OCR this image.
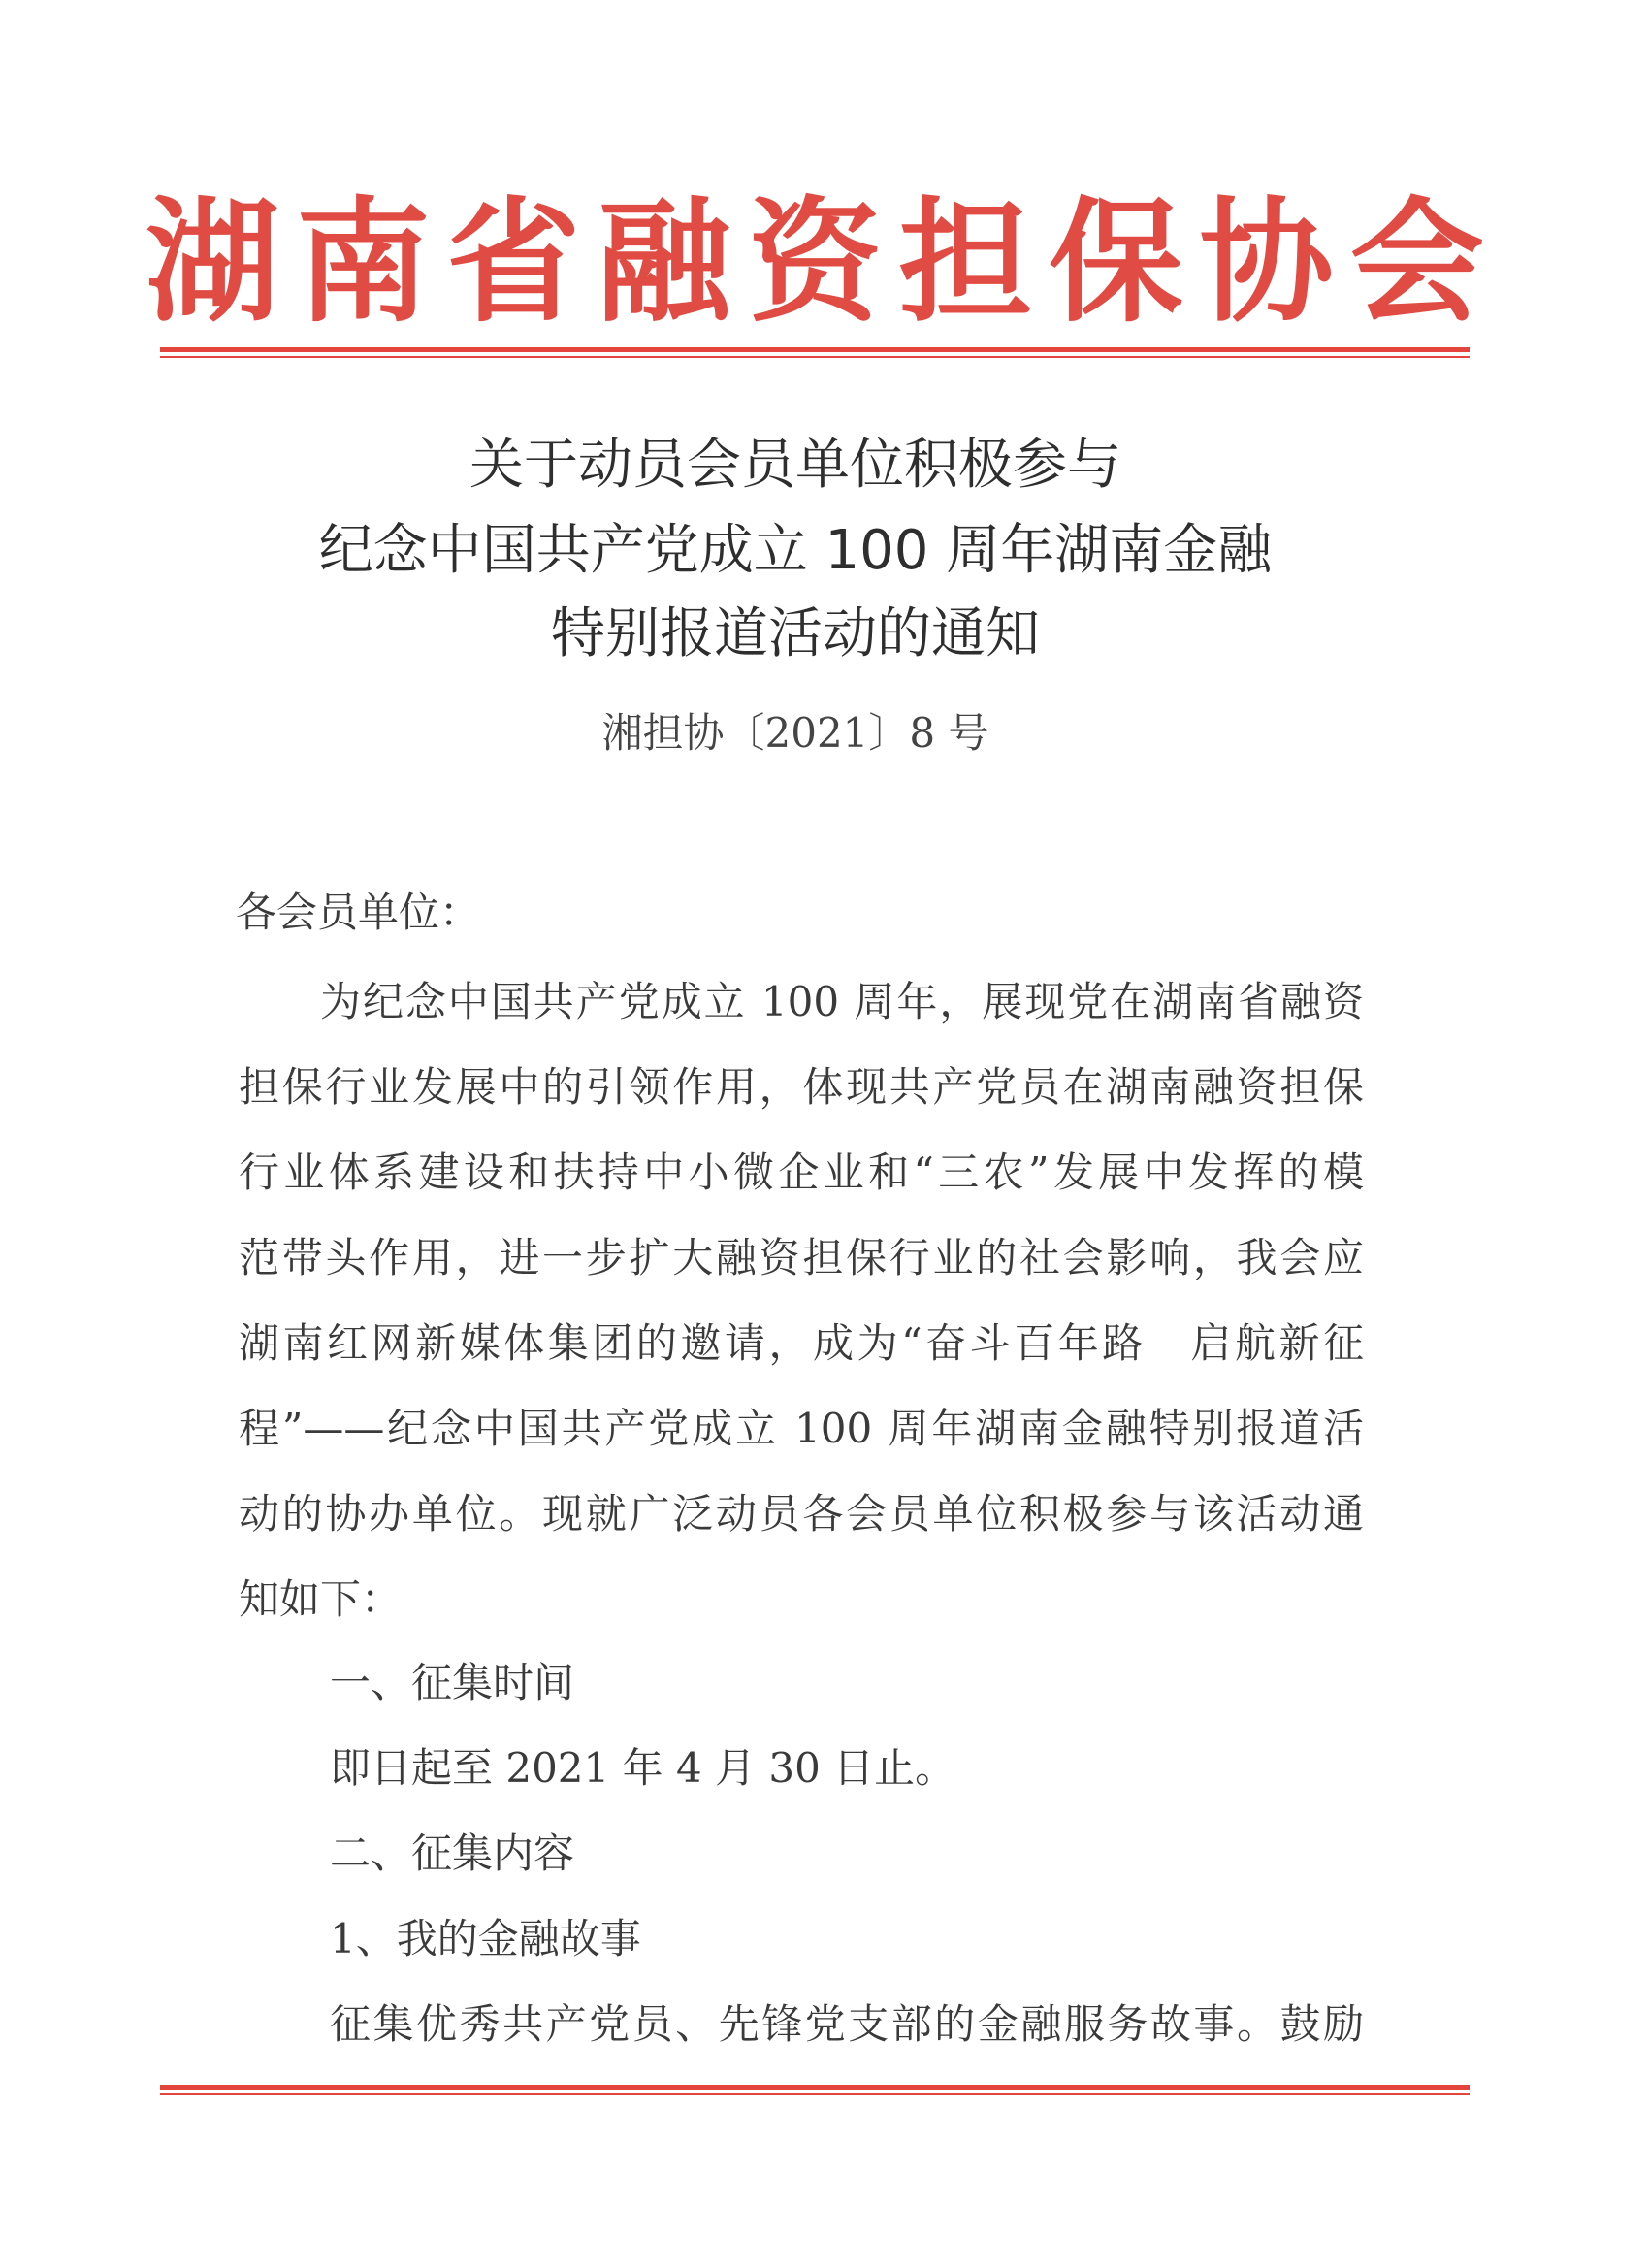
湖 南 省 融 资 担 保 协 会
关于动员会员单位积极参与
纪念中国共产党成立 100 周年湖南金融
特别报道活动的通知
湘担协〔2021〕8 号
各会员单位：
为纪念中国共产党成立 100 周年，展现党在湖南省融资
担保行业发展中的引领作用，体现共产党员在湖南融资担保
行业体系建设和扶持中小微企业和“三农”发展中发挥的模
范带头作用，进一步扩大融资担保行业的社会影响，我会应
湖南红网新媒体集团的邀请，成为“奋斗百年路　启航新征
程”——纪念中国共产党成立 100 周年湖南金融特别报道活
动的协办单位。现就广泛动员各会员单位积极参与该活动通
知如下：
一、征集时间
即日起至 2021 年 4 月 30 日止。
二、征集内容
1、我的金融故事
征集优秀共产党员、先锋党支部的金融服务故事。鼓励
